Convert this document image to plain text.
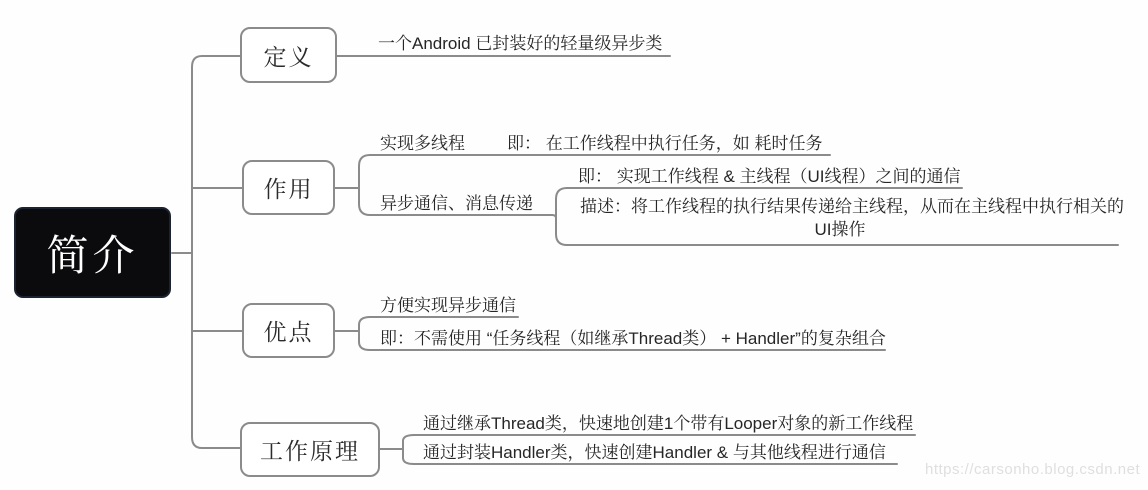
简介
定义
作用
优点
工作原理
一个Android 已封装好的轻量级异步类
实现多线程 即： 在工作线程中执行任务，如 耗时任务
异步通信、消息传递
即： 实现工作线程 & 主线程（UI线程）之间的通信
描述：将工作线程的执行结果传递给主线程，从而在主线程中执行相关的
UI操作
方便实现异步通信
即：不需使用 “任务线程（如继承Thread类） + Handler”的复杂组合
通过继承Thread类，快速地创建1个带有Looper对象的新工作线程
通过封装Handler类，快速创建Handler & 与其他线程进行通信
https://carsonho.blog.csdn.net
